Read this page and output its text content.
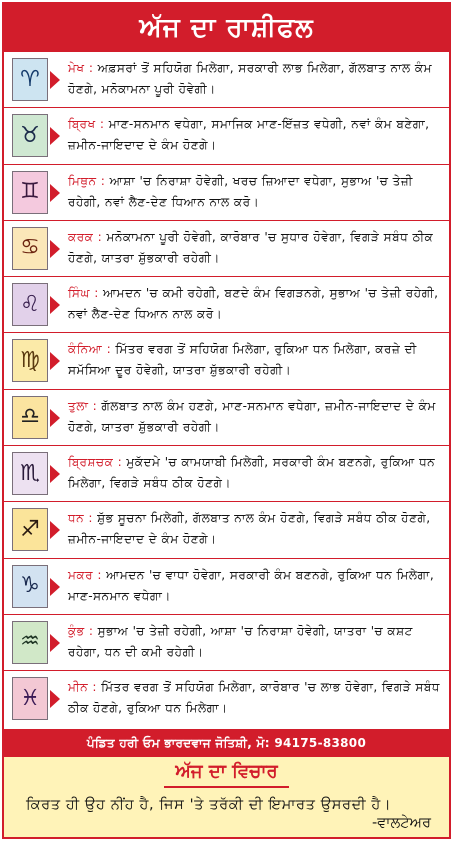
ਅੱਜ ਦਾ ਰਾਸ਼ੀਫਲ
♈ ਮੇਖ : ਅਫ਼ਸਰਾਂ ਤੋਂ ਸਹਿਯੋਗ ਮਿਲੇਗਾ, ਸਰਕਾਰੀ ਲਾਭ ਮਿਲੇਗਾ, ਗੱਲਬਾਤ ਨਾਲ ਕੰਮ ਹੋਣਗੇ, ਮਨੋਕਾਮਨਾ ਪੂਰੀ ਹੋਵੇਗੀ।
♉ ਬ੍ਰਿਖ : ਮਾਣ-ਸਨਮਾਨ ਵਧੇਗਾ, ਸਮਾਜਿਕ ਮਾਣ-ਇੱਜ਼ਤ ਵਧੇਗੀ, ਨਵਾਂ ਕੰਮ ਬਣੇਗਾ, ਜ਼ਮੀਨ-ਜਾਇਦਾਦ ਦੇ ਕੰਮ ਹੋਣਗੇ।
♊ ਮਿਥੁਨ : ਆਸ਼ਾ 'ਚ ਨਿਰਾਸ਼ਾ ਹੋਵੇਗੀ, ਖਰਚ ਜ਼ਿਆਦਾ ਵਧੇਗਾ, ਸੁਭਾਅ 'ਚ ਤੇਜ਼ੀ ਰਹੇਗੀ, ਨਵਾਂ ਲੈਣ-ਦੇਣ ਧਿਆਨ ਨਾਲ ਕਰੋ।
♋ ਕਰਕ : ਮਨੋਕਾਮਨਾ ਪੂਰੀ ਹੋਵੇਗੀ, ਕਾਰੋਬਾਰ 'ਚ ਸੁਧਾਰ ਹੋਵੇਗਾ, ਵਿਗੜੇ ਸਬੰਧ ਠੀਕ ਹੋਣਗੇ, ਯਾਤਰਾ ਸ਼ੁੱਭਕਾਰੀ ਰਹੇਗੀ।
♌ ਸਿੰਘ : ਆਮਦਨ 'ਚ ਕਮੀ ਰਹੇਗੀ, ਬਣਦੇ ਕੰਮ ਵਿਗੜਨਗੇ, ਸੁਭਾਅ 'ਚ ਤੇਜ਼ੀ ਰਹੇਗੀ, ਨਵਾਂ ਲੈਣ-ਦੇਣ ਧਿਆਨ ਨਾਲ ਕਰੋ।
♍ ਕੰਨਿਆ : ਮਿੱਤਰ ਵਰਗ ਤੋਂ ਸਹਿਯੋਗ ਮਿਲੇਗਾ, ਰੁਕਿਆ ਧਨ ਮਿਲੇਗਾ, ਕਰਜ਼ੇ ਦੀ ਸਮੱਸਿਆ ਦੂਰ ਹੋਵੇਗੀ, ਯਾਤਰਾ ਸ਼ੁੱਭਕਾਰੀ ਰਹੇਗੀ।
♎ ਤੁਲਾ : ਗੱਲਬਾਤ ਨਾਲ ਕੰਮ ਹਣਗੇ, ਮਾਣ-ਸਨਮਾਨ ਵਧੇਗਾ, ਜ਼ਮੀਨ-ਜਾਇਦਾਦ ਦੇ ਕੰਮ ਹੋਣਗੇ, ਯਾਤਰਾ ਸ਼ੁੱਭਕਾਰੀ ਰਹੇਗੀ।
♏ ਬ੍ਰਿਸ਼ਚਕ : ਮੁਕੱਦਮੇ 'ਚ ਕਾਮਯਾਬੀ ਮਿਲੇਗੀ, ਸਰਕਾਰੀ ਕੰਮ ਬਣਨਗੇ, ਰੁਕਿਆ ਧਨ ਮਿਲੇਗਾ, ਵਿਗੜੇ ਸਬੰਧ ਠੀਕ ਹੋਣਗੇ।
♐ ਧਨ : ਸ਼ੁੱਭ ਸੂਚਨਾ ਮਿਲੇਗੀ, ਗੱਲਬਾਤ ਨਾਲ ਕੰਮ ਹੋਣਗੇ, ਵਿਗੜੇ ਸਬੰਧ ਠੀਕ ਹੋਣਗੇ, ਜ਼ਮੀਨ-ਜਾਇਦਾਦ ਦੇ ਕੰਮ ਹੋਣਗੇ।
♑ ਮਕਰ : ਆਮਦਨ 'ਚ ਵਾਧਾ ਹੋਵੇਗਾ, ਸਰਕਾਰੀ ਕੰਮ ਬਣਨਗੇ, ਰੁਕਿਆ ਧਨ ਮਿਲੇਗਾ, ਮਾਣ-ਸਨਮਾਨ ਵਧੇਗਾ।
♒ ਕੁੰਭ : ਸੁਭਾਅ 'ਚ ਤੇਜ਼ੀ ਰਹੇਗੀ, ਆਸ਼ਾ 'ਚ ਨਿਰਾਸ਼ਾ ਹੋਵੇਗੀ, ਯਾਤਰਾ 'ਚ ਕਸ਼ਟ ਰਹੇਗਾ, ਧਨ ਦੀ ਕਮੀ ਰਹੇਗੀ।
♓ ਮੀਨ : ਮਿੱਤਰ ਵਰਗ ਤੋਂ ਸਹਿਯੋਗ ਮਿਲੇਗਾ, ਕਾਰੋਬਾਰ 'ਚ ਲਾਭ ਹੋਵੇਗਾ, ਵਿਗੜੇ ਸਬੰਧ ਠੀਕ ਹੋਣਗੇ, ਰੁਕਿਆ ਧਨ ਮਿਲੇਗਾ।
ਪੰਡਿਤ ਹਰੀ ਓਮ ਭਾਰਦਵਾਜ ਜੋਤਿਸ਼ੀ, ਮੋ: 94175-83800
ਅੱਜ ਦਾ ਵਿਚਾਰ
ਕਿਰਤ ਹੀ ਉਹ ਨੀਂਹ ਹੈ, ਜਿਸ 'ਤੇ ਤਰੱਕੀ ਦੀ ਇਮਾਰਤ ਉਸਰਦੀ ਹੈ।
-ਵਾਲਟੇਅਰ
